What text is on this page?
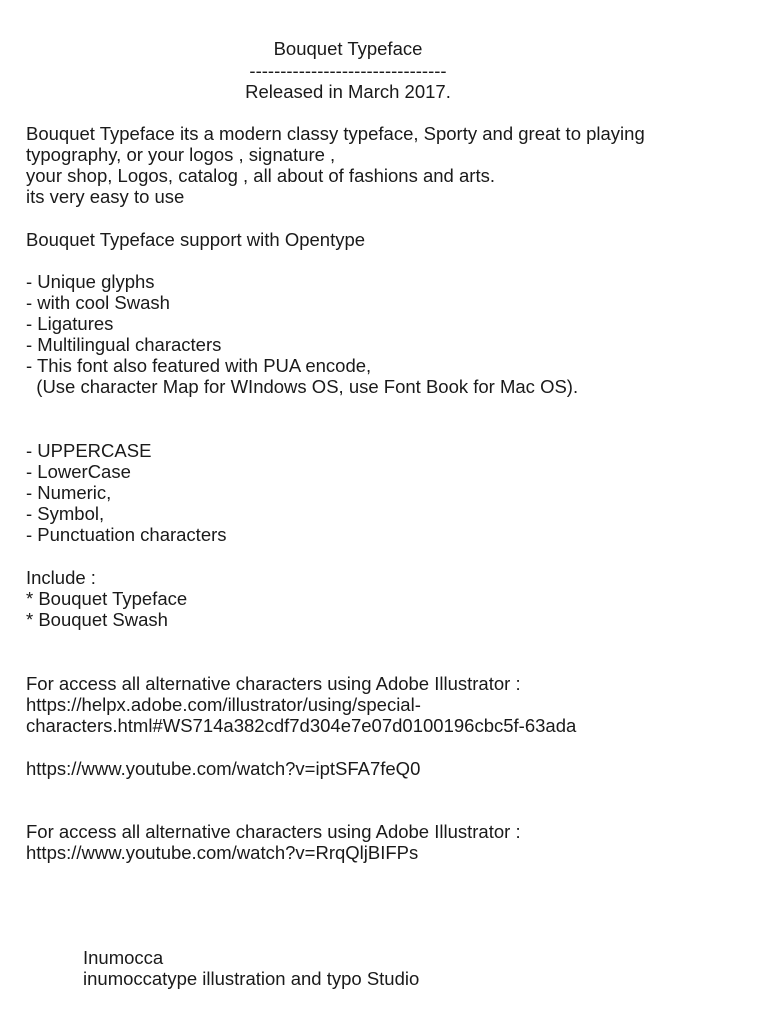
Bouquet Typeface

--------------------------------

Released in March 2017.

Bouquet Typeface its a modern classy typeface, Sporty and great to playing

typography, or your logos , signature ,

your shop, Logos, catalog , all about of fashions and arts.

its very easy to use

Bouquet Typeface support with Opentype

- Unique glyphs

- with cool Swash

- Ligatures

- Multilingual characters

- This font also featured with PUA encode,

(Use character Map for WIndows OS, use Font Book for Mac OS).

- UPPERCASE

- LowerCase

- Numeric,

- Symbol,

- Punctuation characters

Include :

* Bouquet Typeface

* Bouquet Swash

For access all alternative characters using Adobe Illustrator :

https://helpx.adobe.com/illustrator/using/special-

characters.html#WS714a382cdf7d304e7e07d0100196cbc5f-63ada

https://www.youtube.com/watch?v=iptSFA7feQ0

For access all alternative characters using Adobe Illustrator :

https://www.youtube.com/watch?v=RrqQljBIFPs

Inumocca

inumoccatype illustration and typo Studio
